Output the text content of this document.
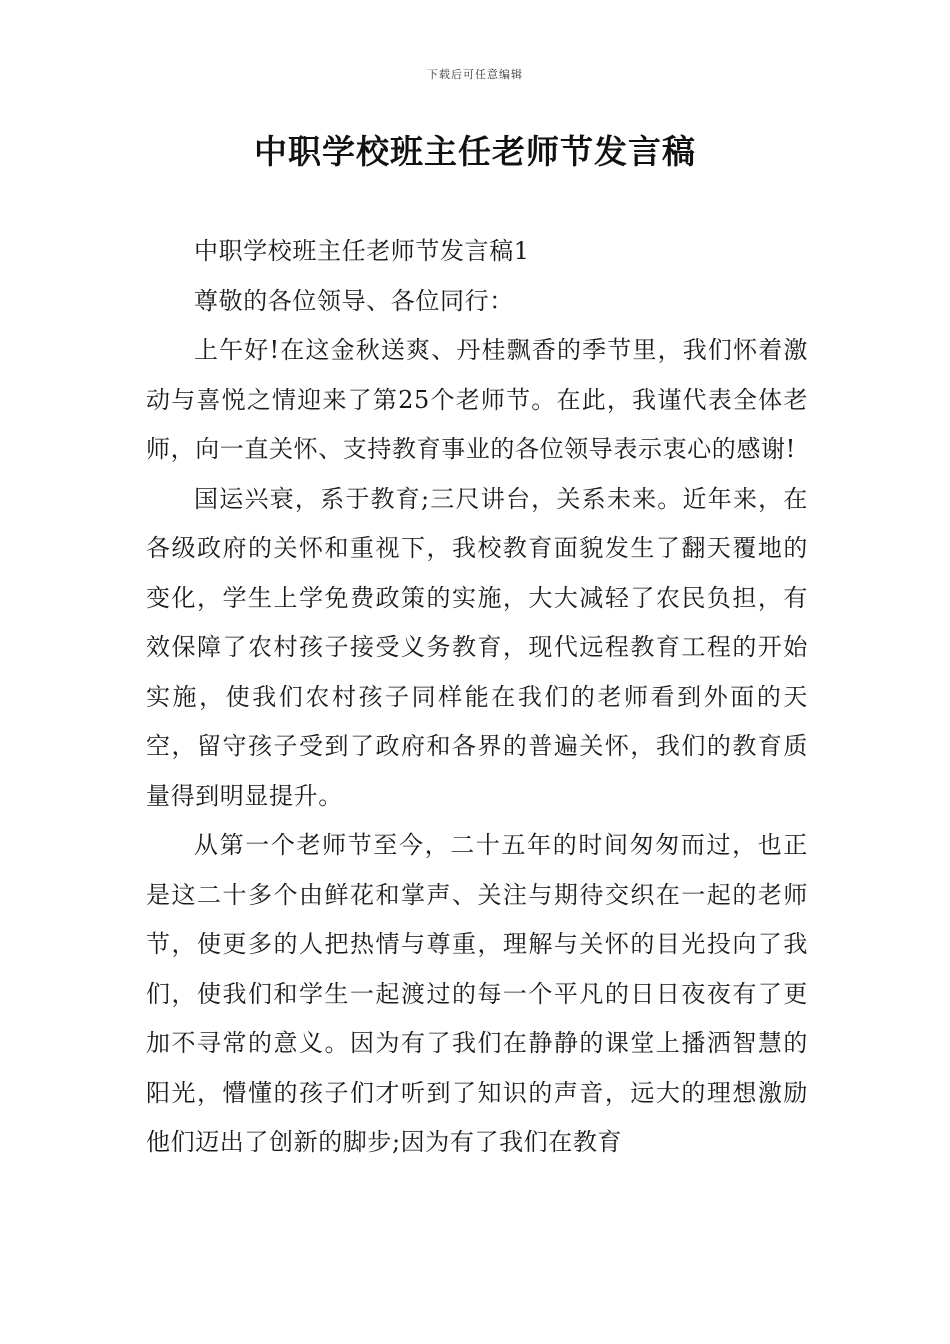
下载后可任意编辑
中职学校班主任老师节发言稿

中职学校班主任老师节发言稿1

尊敬的各位领导、各位同行：

上午好!在这金秋送爽、丹桂飘香的季节里，我们怀着激动与喜悦之情迎来了第25个老师节。在此，我谨代表全体老师，向一直关怀、支持教育事业的各位领导表示衷心的感谢!

国运兴衰，系于教育;三尺讲台，关系未来。近年来，在各级政府的关怀和重视下，我校教育面貌发生了翻天覆地的变化，学生上学免费政策的实施，大大减轻了农民负担，有效保障了农村孩子接受义务教育，现代远程教育工程的开始实施，使我们农村孩子同样能在我们的老师看到外面的天空，留守孩子受到了政府和各界的普遍关怀，我们的教育质量得到明显提升。

从第一个老师节至今，二十五年的时间匆匆而过，也正是这二十多个由鲜花和掌声、关注与期待交织在一起的老师节，使更多的人把热情与尊重，理解与关怀的目光投向了我们，使我们和学生一起渡过的每一个平凡的日日夜夜有了更加不寻常的意义。因为有了我们在静静的课堂上播洒智慧的阳光，懵懂的孩子们才听到了知识的声音，远大的理想激励他们迈出了创新的脚步;因为有了我们在教育
